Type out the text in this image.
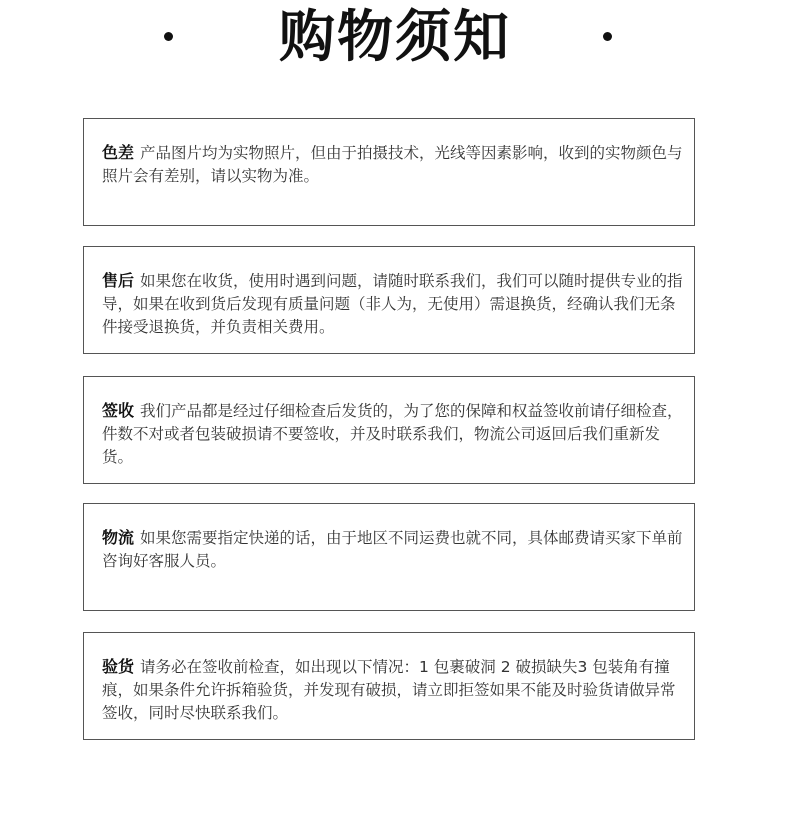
购物须知

色差 产品图片均为实物照片，但由于拍摄技术，光线等因素影响，收到的实物颜色与照片会有差别，请以实物为准。

售后 如果您在收货，使用时遇到问题，请随时联系我们，我们可以随时提供专业的指导，如果在收到货后发现有质量问题（非人为，无使用）需退换货，经确认我们无条件接受退换货，并负责相关费用。

签收 我们产品都是经过仔细检查后发货的，为了您的保障和权益签收前请仔细检查，件数不对或者包装破损请不要签收，并及时联系我们，物流公司返回后我们重新发货。

物流 如果您需要指定快递的话，由于地区不同运费也就不同，具体邮费请买家下单前咨询好客服人员。

验货 请务必在签收前检查，如出现以下情况：1 包裹破洞 2 破损缺失3 包装角有撞痕，如果条件允许拆箱验货，并发现有破损，请立即拒签如果不能及时验货请做异常签收，同时尽快联系我们。
